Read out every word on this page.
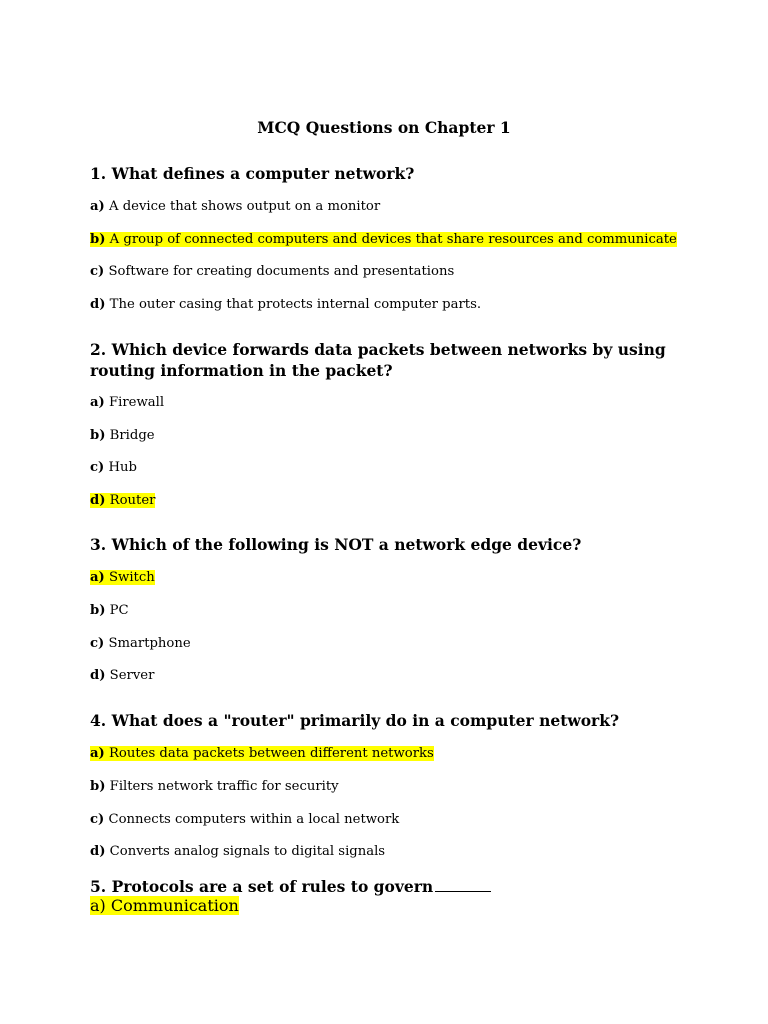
MCQ Questions on Chapter 1
1. What defines a computer network?
a) A device that shows output on a monitor
b) A group of connected computers and devices that share resources and communicate
c) Software for creating documents and presentations
d) The outer casing that protects internal computer parts.
2. Which device forwards data packets between networks by using routing information in the packet?
a) Firewall
b) Bridge
c) Hub
d) Router
3. Which of the following is NOT a network edge device?
a) Switch
b) PC
c) Smartphone
d) Server
4. What does a "router" primarily do in a computer network?
a) Routes data packets between different networks
b) Filters network traffic for security
c) Connects computers within a local network
d) Converts analog signals to digital signals
5. Protocols are a set of rules to govern
a) Communication
